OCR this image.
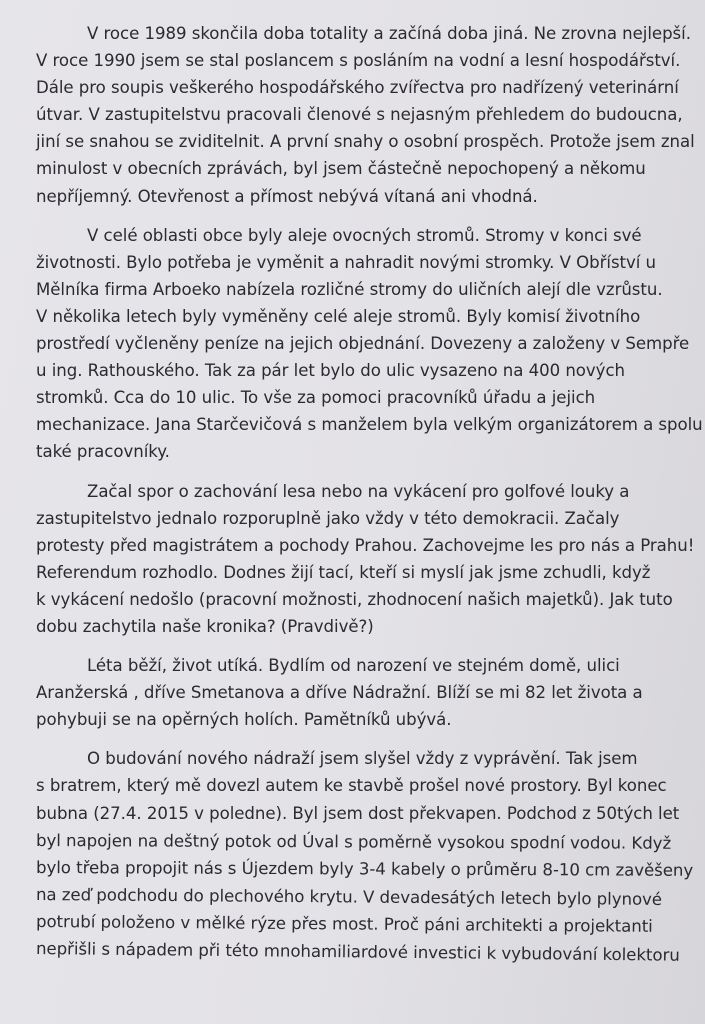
V roce 1989 skončila doba totality a začíná doba jiná. Ne zrovna nejlepší.
V roce 1990 jsem se stal poslancem s posláním na vodní a lesní hospodářství.
Dále pro soupis veškerého hospodářského zvířectva pro nadřízený veterinární
útvar. V zastupitelstvu pracovali členové s nejasným přehledem do budoucna,
jiní se snahou se zviditelnit. A první snahy o osobní prospěch. Protože jsem znal
minulost v obecních zprávách, byl jsem částečně nepochopený a někomu
nepříjemný. Otevřenost a přímost nebývá vítaná ani vhodná.
V celé oblasti obce byly aleje ovocných stromů. Stromy v konci své
životnosti. Bylo potřeba je vyměnit a nahradit novými stromky. V Obříství u
Mělníka firma Arboeko nabízela rozličné stromy do uličních alejí dle vzrůstu.
V několika letech byly vyměněny celé aleje stromů. Byly komisí životního
prostředí vyčleněny peníze na jejich objednání. Dovezeny a založeny v Sempře
u ing. Rathouského. Tak za pár let bylo do ulic vysazeno na 400 nových
stromků. Cca do 10 ulic. To vše za pomoci pracovníků úřadu a jejich
mechanizace. Jana Starčevičová s manželem byla velkým organizátorem a spolu
také pracovníky.
Začal spor o zachování lesa nebo na vykácení pro golfové louky a
zastupitelstvo jednalo rozporuplně jako vždy v této demokracii. Začaly
protesty před magistrátem a pochody Prahou. Zachovejme les pro nás a Prahu!
Referendum rozhodlo. Dodnes žijí tací, kteří si myslí jak jsme zchudli, když
k vykácení nedošlo (pracovní možnosti, zhodnocení našich majetků). Jak tuto
dobu zachytila naše kronika? (Pravdivě?)
Léta běží, život utíká. Bydlím od narození ve stejném domě, ulici
Aranžerská , dříve Smetanova a dříve Nádražní. Blíží se mi 82 let života a
pohybuji se na opěrných holích. Pamětníků ubývá.
O budování nového nádraží jsem slyšel vždy z vyprávění. Tak jsem
s bratrem, který mě dovezl autem ke stavbě prošel nové prostory. Byl konec
bubna (27.4. 2015 v poledne). Byl jsem dost překvapen. Podchod z 50tých let
byl napojen na deštný potok od Úval s poměrně vysokou spodní vodou. Když
bylo třeba propojit nás s Újezdem byly 3-4 kabely o průměru 8-10 cm zavěšeny
na zeď podchodu do plechového krytu. V devadesátých letech bylo plynové
potrubí položeno v mělké rýze přes most. Proč páni architekti a projektanti
nepřišli s nápadem při této mnohamiliardové investici k vybudování kolektoru
